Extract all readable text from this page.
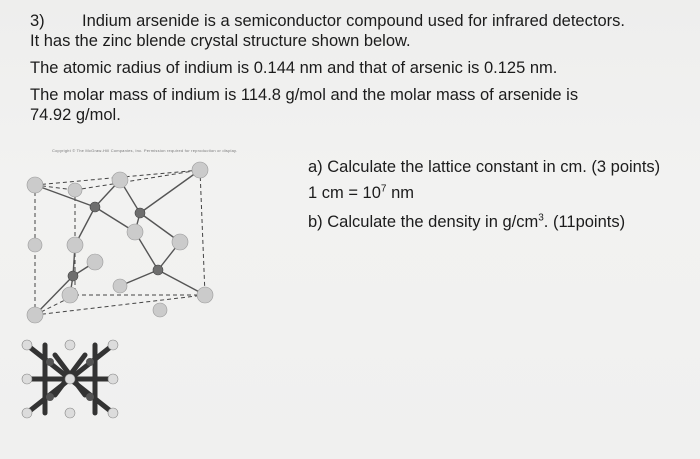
3) Indium arsenide is a semiconductor compound used for infrared detectors.
It has the zinc blende crystal structure shown below.
The atomic radius of indium is 0.144 nm and that of arsenic is 0.125 nm.
The molar mass of indium is 114.8 g/mol and the molar mass of arsenide is
74.92 g/mol.
Copyright © The McGraw-Hill Companies, Inc. Permission required for reproduction or display.
a) Calculate the lattice constant in cm. (3 points)
1 cm = $10^7$ nm
b) Calculate the density in $g/cm^3$. (11points)
